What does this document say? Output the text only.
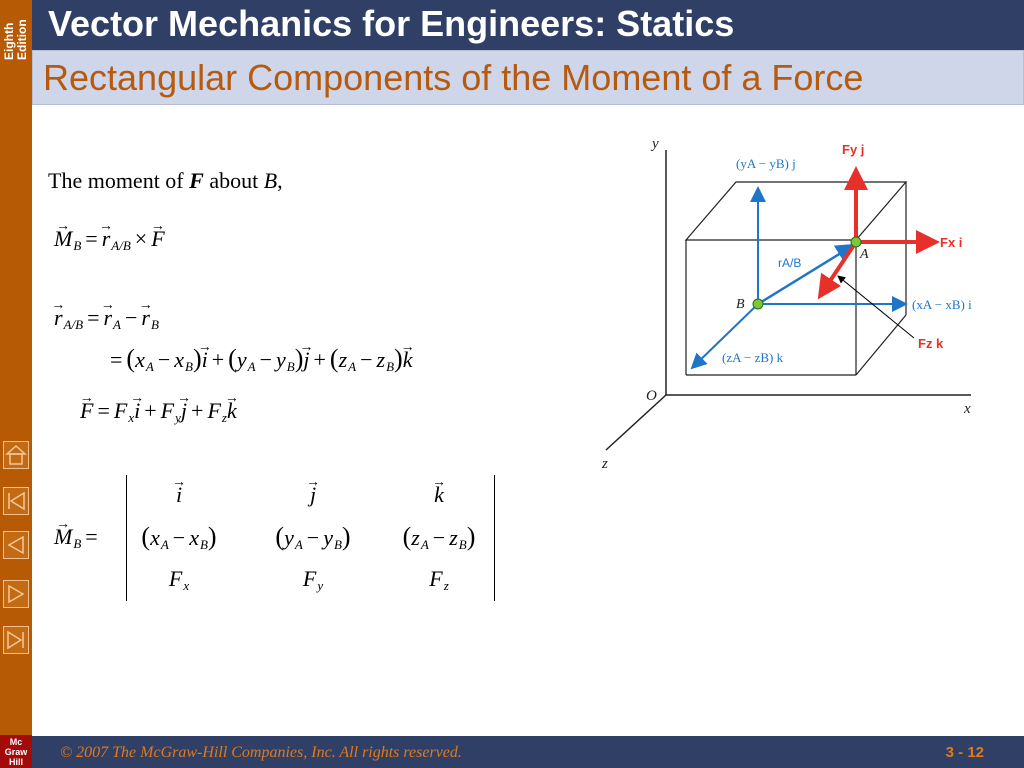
Eighth Edition
Mc
Graw
Hill
Vector Mechanics for Engineers: Statics
Rectangular Components of the Moment of a Force
The moment of F about B,
→ $M_B =\to r_{A/B} \times\to F$
→ $r_{A/B} =\to r_A -\to r_B$
= $(x_A - x_B)\to i + (y_A - y_B)\to j + (z_A - z_B)\to k$
→ $F = F_x\to i + F_y\to j + F_z\to k$
→ $M_B$ =
→ i
→	j
→	k
$(x_A - x_B) (y_A - y_B) (z_A - z_B)$
$F_x$	$F_y$	$F_z$
y
x
z
O
A
B
Fy j
Fx i
Fz k
rA/B
(yA − yB) j
(xA − xB) i
(zA − zB) k
© 2007 The McGraw-Hill Companies, Inc. All rights reserved.	3 - 12
